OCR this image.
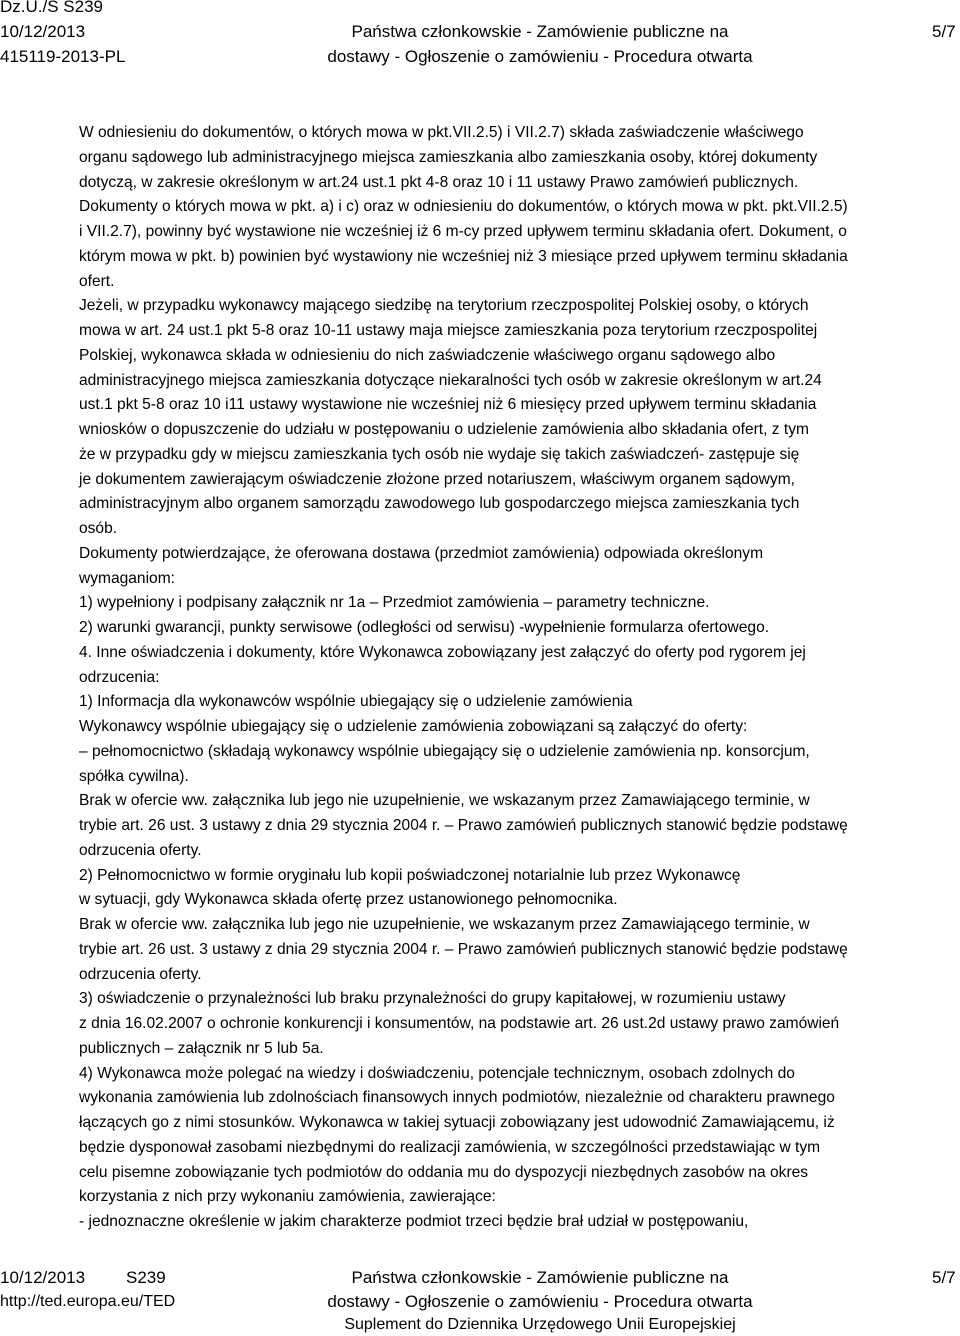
Dz.U./S S239
10/12/2013
415119-2013-PL
Państwa członkowskie - Zamówienie publiczne na
dostawy - Ogłoszenie o zamówieniu - Procedura otwarta
5/7
W odniesieniu do dokumentów, o których mowa w pkt.VII.2.5) i VII.2.7) składa zaświadczenie właściwego
organu sądowego lub administracyjnego miejsca zamieszkania albo zamieszkania osoby, której dokumenty
dotyczą, w zakresie określonym w art.24 ust.1 pkt 4-8 oraz 10 i 11 ustawy Prawo zamówień publicznych.
Dokumenty o których mowa w pkt. a) i c) oraz w odniesieniu do dokumentów, o których mowa w pkt. pkt.VII.2.5)
i VII.2.7), powinny być wystawione nie wcześniej iż 6 m-cy przed upływem terminu składania ofert. Dokument, o
którym mowa w pkt. b) powinien być wystawiony nie wcześniej niż 3 miesiące przed upływem terminu składania
ofert.
Jeżeli, w przypadku wykonawcy mającego siedzibę na terytorium rzeczpospolitej Polskiej osoby, o których
mowa w art. 24 ust.1 pkt 5-8 oraz 10-11 ustawy maja miejsce zamieszkania poza terytorium rzeczpospolitej
Polskiej, wykonawca składa w odniesieniu do nich zaświadczenie właściwego organu sądowego albo
administracyjnego miejsca zamieszkania dotyczące niekaralności tych osób w zakresie określonym w art.24
ust.1 pkt 5-8 oraz 10 i11 ustawy wystawione nie wcześniej niż 6 miesięcy przed upływem terminu składania
wniosków o dopuszczenie do udziału w postępowaniu o udzielenie zamówienia albo składania ofert, z tym
że w przypadku gdy w miejscu zamieszkania tych osób nie wydaje się takich zaświadczeń- zastępuje się
je dokumentem zawierającym oświadczenie złożone przed notariuszem, właściwym organem sądowym,
administracyjnym albo organem samorządu zawodowego lub gospodarczego miejsca zamieszkania tych
osób.
Dokumenty potwierdzające, że oferowana dostawa (przedmiot zamówienia) odpowiada określonym
wymaganiom:
1) wypełniony i podpisany załącznik nr 1a – Przedmiot zamówienia – parametry techniczne.
2) warunki gwarancji, punkty serwisowe (odległości od serwisu) -wypełnienie formularza ofertowego.
4. Inne oświadczenia i dokumenty, które Wykonawca zobowiązany jest załączyć do oferty pod rygorem jej
odrzucenia:
1) Informacja dla wykonawców wspólnie ubiegający się o udzielenie zamówienia
Wykonawcy wspólnie ubiegający się o udzielenie zamówienia zobowiązani są załączyć do oferty:
– pełnomocnictwo (składają wykonawcy wspólnie ubiegający się o udzielenie zamówienia np. konsorcjum,
spółka cywilna).
Brak w ofercie ww. załącznika lub jego nie uzupełnienie, we wskazanym przez Zamawiającego terminie, w
trybie art. 26 ust. 3 ustawy z dnia 29 stycznia 2004 r. – Prawo zamówień publicznych stanowić będzie podstawę
odrzucenia oferty.
2) Pełnomocnictwo w formie oryginału lub kopii poświadczonej notarialnie lub przez Wykonawcę
w sytuacji, gdy Wykonawca składa ofertę przez ustanowionego pełnomocnika.
Brak w ofercie ww. załącznika lub jego nie uzupełnienie, we wskazanym przez Zamawiającego terminie, w
trybie art. 26 ust. 3 ustawy z dnia 29 stycznia 2004 r. – Prawo zamówień publicznych stanowić będzie podstawę
odrzucenia oferty.
3) oświadczenie o przynależności lub braku przynależności do grupy kapitałowej, w rozumieniu ustawy
z dnia 16.02.2007 o ochronie konkurencji i konsumentów, na podstawie art. 26 ust.2d ustawy prawo zamówień
publicznych – załącznik nr 5 lub 5a.
4) Wykonawca może polegać na wiedzy i doświadczeniu, potencjale technicznym, osobach zdolnych do
wykonania zamówienia lub zdolnościach finansowych innych podmiotów, niezależnie od charakteru prawnego
łączących go z nimi stosunków. Wykonawca w takiej sytuacji zobowiązany jest udowodnić Zamawiającemu, iż
będzie dysponował zasobami niezbędnymi do realizacji zamówienia, w szczególności przedstawiając w tym
celu pisemne zobowiązanie tych podmiotów do oddania mu do dyspozycji niezbędnych zasobów na okres
korzystania z nich przy wykonaniu zamówienia, zawierające:
- jednoznaczne określenie w jakim charakterze podmiot trzeci będzie brał udział w postępowaniu,
10/12/2013 S239
http://ted.europa.eu/TED
Państwa członkowskie - Zamówienie publiczne na
dostawy - Ogłoszenie o zamówieniu - Procedura otwarta
Suplement do Dziennika Urzędowego Unii Europejskiej
5/7
